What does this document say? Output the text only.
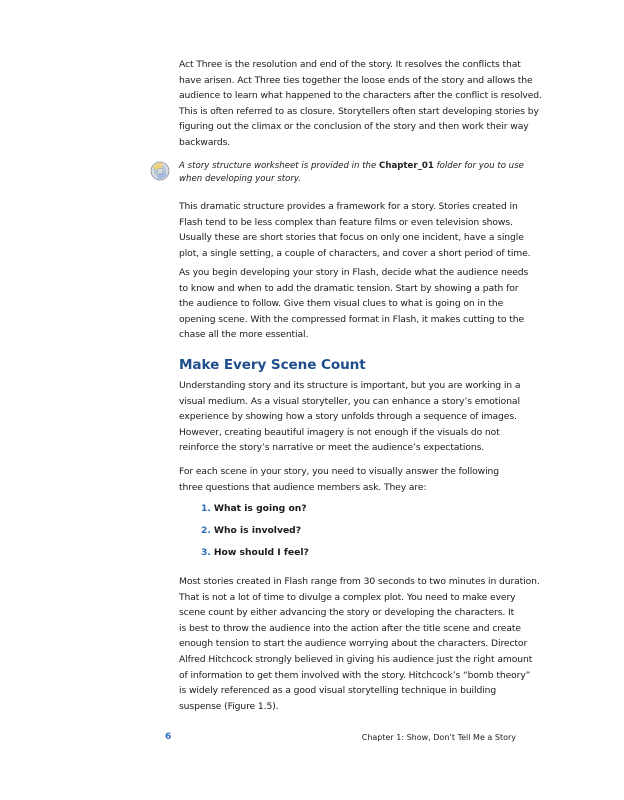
Act Three is the resolution and end of the story. It resolves the conflicts that
have arisen. Act Three ties together the loose ends of the story and allows the
audience to learn what happened to the characters after the conflict is resolved.
This is often referred to as closure. Storytellers often start developing stories by
figuring out the climax or the conclusion of the story and then work their way
backwards.
A story structure worksheet is provided in the Chapter_01 folder for you to use
when developing your story.
This dramatic structure provides a framework for a story. Stories created in
Flash tend to be less complex than feature films or even television shows.
Usually these are short stories that focus on only one incident, have a single
plot, a single setting, a couple of characters, and cover a short period of time.
As you begin developing your story in Flash, decide what the audience needs
to know and when to add the dramatic tension. Start by showing a path for
the audience to follow. Give them visual clues to what is going on in the
opening scene. With the compressed format in Flash, it makes cutting to the
chase all the more essential.
Make Every Scene Count
Understanding story and its structure is important, but you are working in a
visual medium. As a visual storyteller, you can enhance a story’s emotional
experience by showing how a story unfolds through a sequence of images.
However, creating beautiful imagery is not enough if the visuals do not
reinforce the story’s narrative or meet the audience’s expectations.
For each scene in your story, you need to visually answer the following
three questions that audience members ask. They are:
1. What is going on?
2. Who is involved?
3. How should I feel?
Most stories created in Flash range from 30 seconds to two minutes in duration.
That is not a lot of time to divulge a complex plot. You need to make every
scene count by either advancing the story or developing the characters. It
is best to throw the audience into the action after the title scene and create
enough tension to start the audience worrying about the characters. Director
Alfred Hitchcock strongly believed in giving his audience just the right amount
of information to get them involved with the story. Hitchcock’s “bomb theory”
is widely referenced as a good visual storytelling technique in building
suspense (Figure 1.5).
6	Chapter 1: Show, Don’t Tell Me a Story
